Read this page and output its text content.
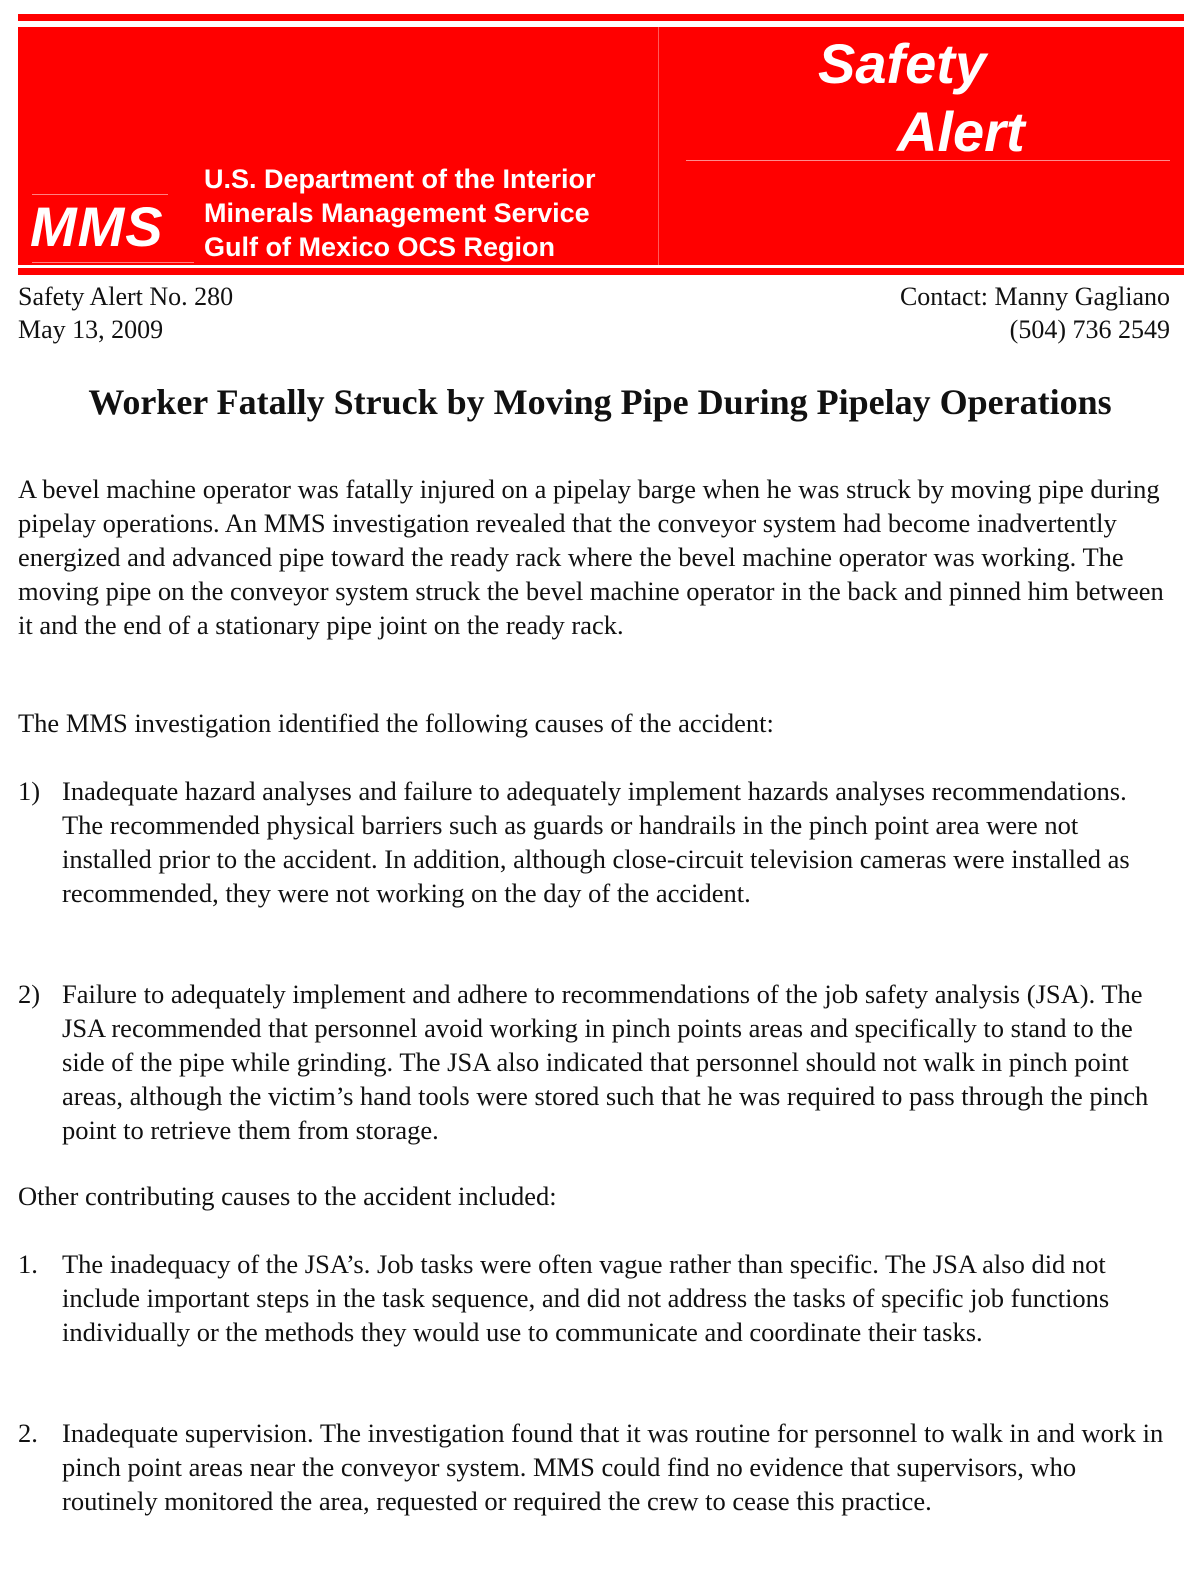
MMS
U.S. Department of the Interior
Minerals Management Service
Gulf of Mexico OCS Region
Safety
Alert
Safety Alert No. 280
May 13, 2009
Contact: Manny Gagliano
(504) 736 2549
Worker Fatally Struck by Moving Pipe During Pipelay Operations
A bevel machine operator was fatally injured on a pipelay barge when he was struck by moving pipe during pipelay operations. An MMS investigation revealed that the conveyor system had become inadvertently energized and advanced pipe toward the ready rack where the bevel machine operator was working. The moving pipe on the conveyor system struck the bevel machine operator in the back and pinned him between it and the end of a stationary pipe joint on the ready rack.
The MMS investigation identified the following causes of the accident:
1) Inadequate hazard analyses and failure to adequately implement hazards analyses recommendations. The recommended physical barriers such as guards or handrails in the pinch point area were not installed prior to the accident. In addition, although close-circuit television cameras were installed as recommended, they were not working on the day of the accident.
2) Failure to adequately implement and adhere to recommendations of the job safety analysis (JSA). The JSA recommended that personnel avoid working in pinch points areas and specifically to stand to the side of the pipe while grinding. The JSA also indicated that personnel should not walk in pinch point areas, although the victim’s hand tools were stored such that he was required to pass through the pinch point to retrieve them from storage.
Other contributing causes to the accident included:
1. The inadequacy of the JSA’s. Job tasks were often vague rather than specific. The JSA also did not include important steps in the task sequence, and did not address the tasks of specific job functions individually or the methods they would use to communicate and coordinate their tasks.
2. Inadequate supervision. The investigation found that it was routine for personnel to walk in and work in pinch point areas near the conveyor system. MMS could find no evidence that supervisors, who routinely monitored the area, requested or required the crew to cease this practice.
